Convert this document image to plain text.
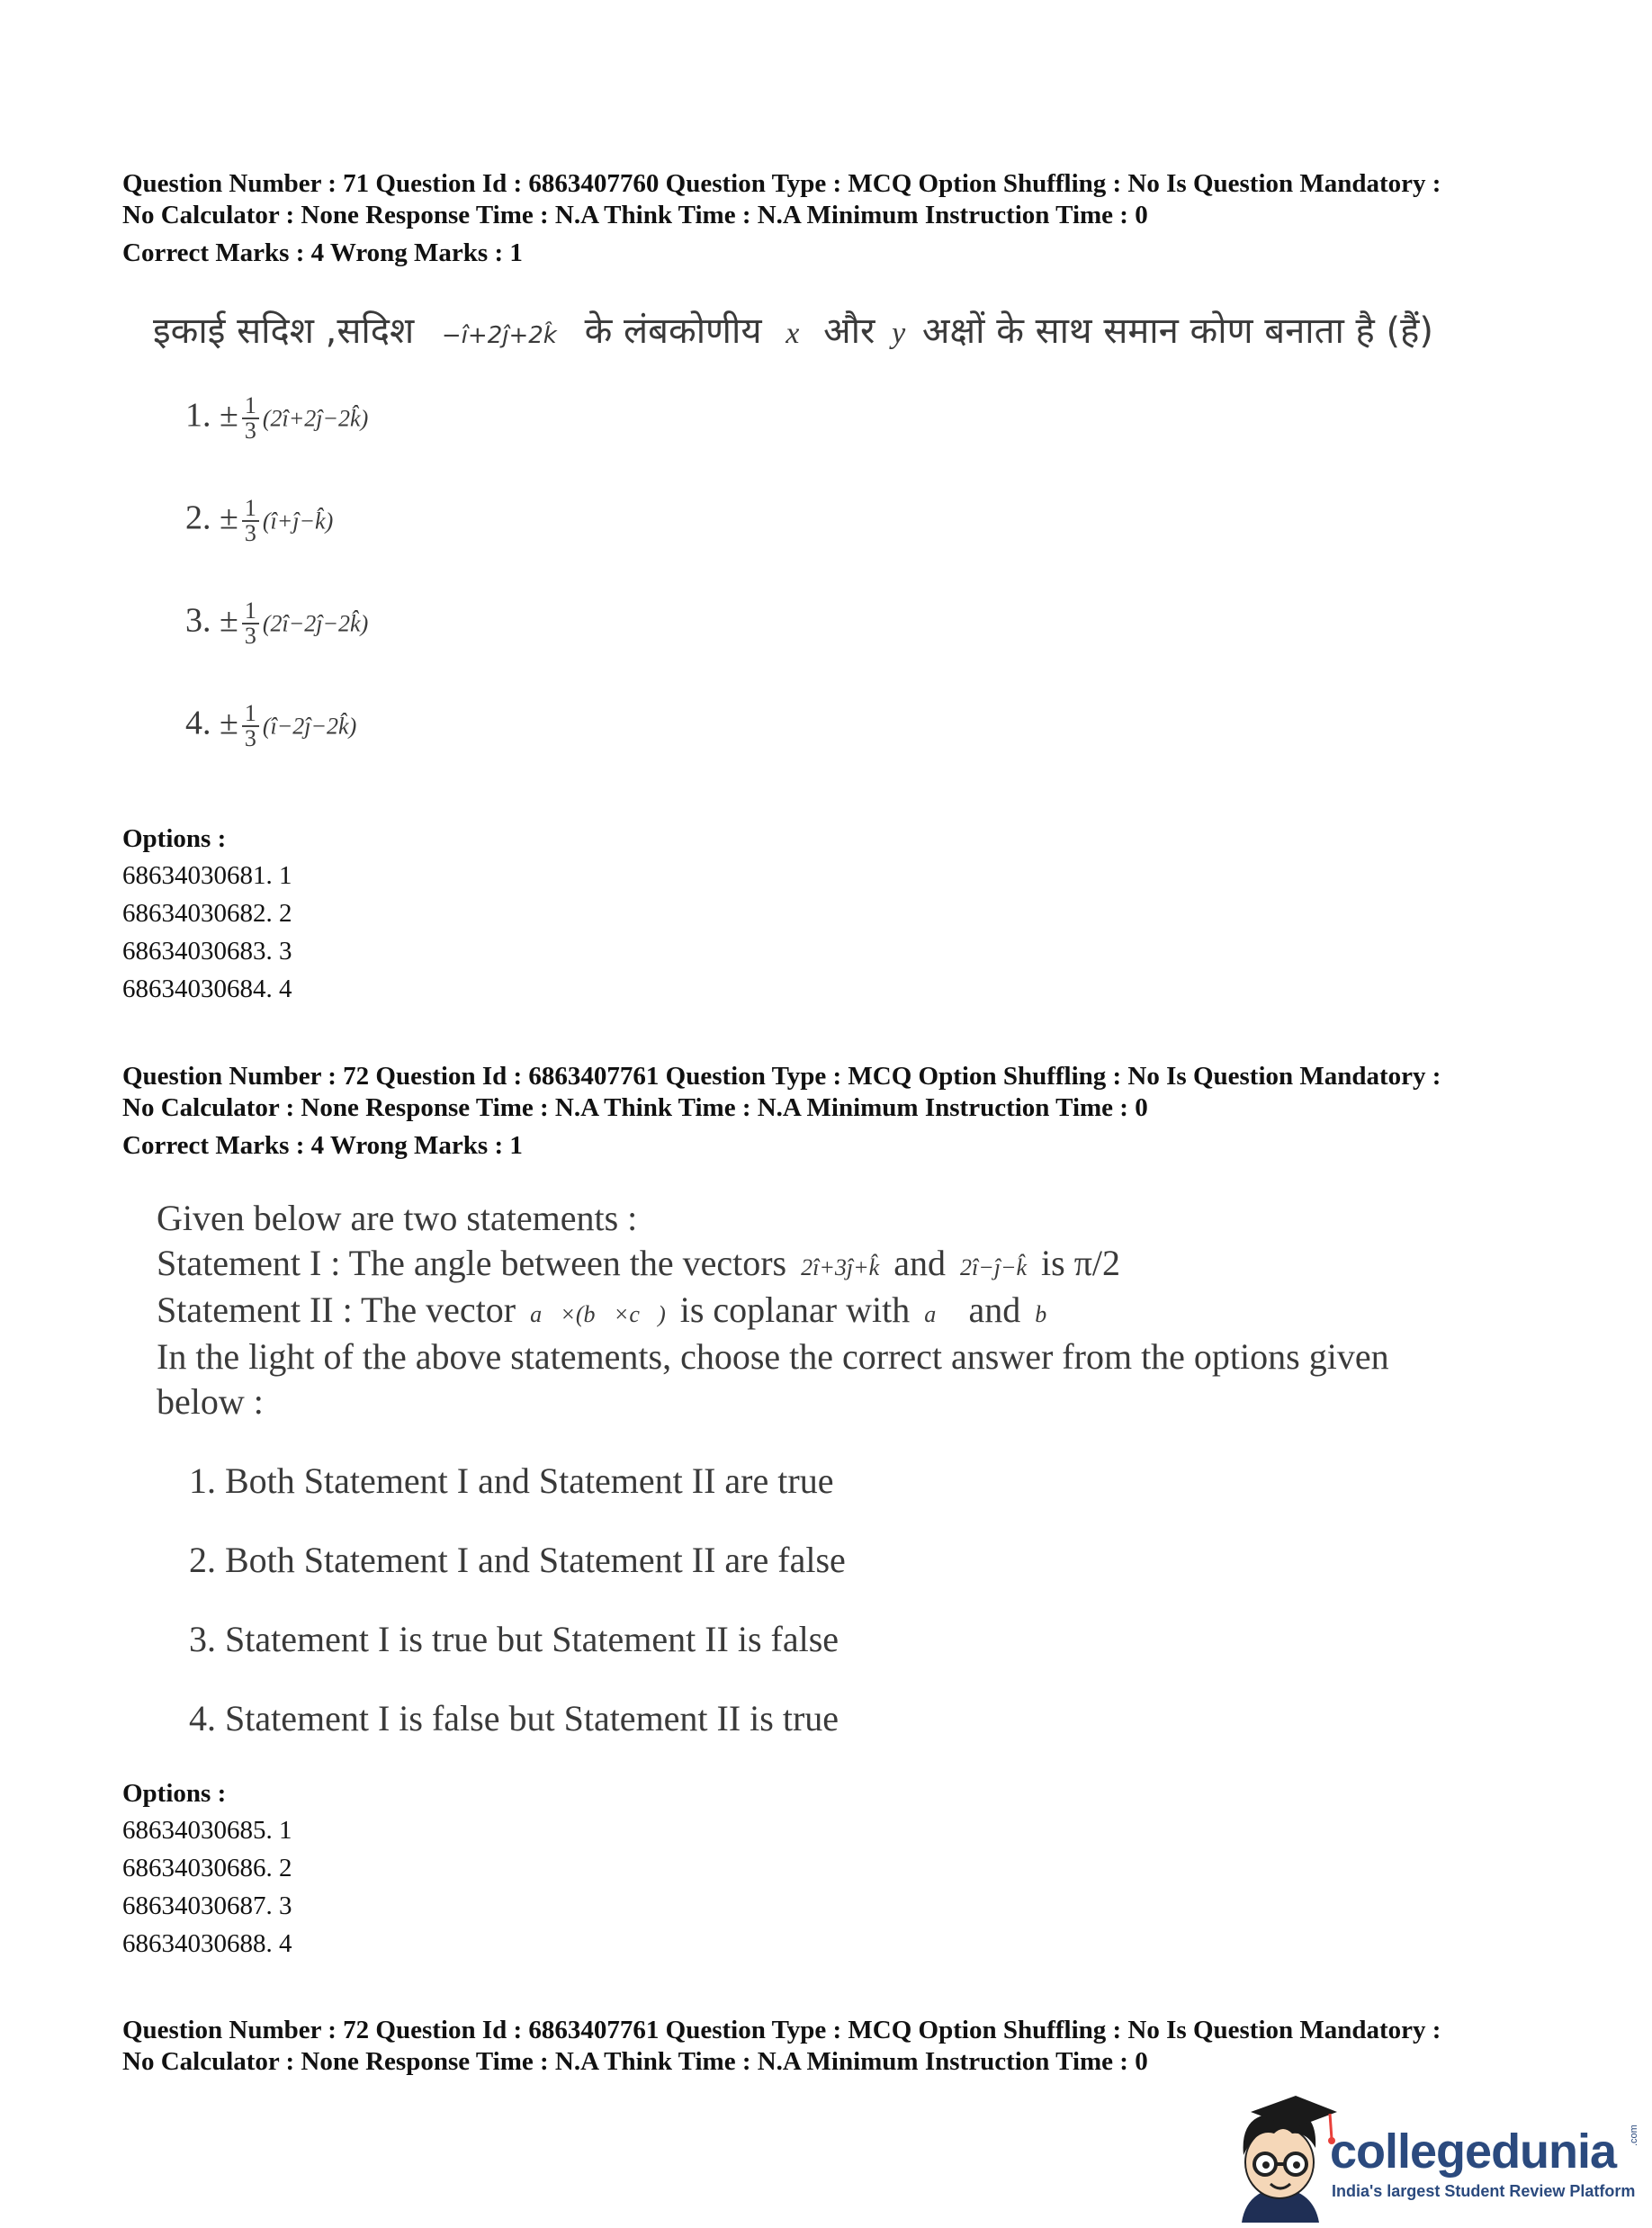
Question Number : 71 Question Id : 6863407760 Question Type : MCQ Option Shuffling : No Is Question Mandatory :
No Calculator : None Response Time : N.A Think Time : N.A Minimum Instruction Time : 0
Correct Marks : 4 Wrong Marks : 1
इकाई सदिश ,सदिश −î+2ĵ+2k̂ के लंबकोणीय x और y अक्षों के साथ समान कोण बनाता है (हैं)
1. ± $\frac{1}{3}$ (2î+2ĵ−2k̂)
2. ± $\frac{1}{3}$ (î+ĵ−k̂)
3. ± $\frac{1}{3}$ (2î−2ĵ−2k̂)
4. ± $\frac{1}{3}$ (î−2ĵ−2k̂)
Options :
68634030681. 1
68634030682. 2
68634030683. 3
68634030684. 4
Question Number : 72 Question Id : 6863407761 Question Type : MCQ Option Shuffling : No Is Question Mandatory :
No Calculator : None Response Time : N.A Think Time : N.A Minimum Instruction Time : 0
Correct Marks : 4 Wrong Marks : 1
Given below are two statements :
Statement I : The angle between the vectors 2î+3ĵ+k̂ and 2î−ĵ−k̂ is π/2
Statement II : The vector a⃗×(b⃗×c⃗) is coplanar with a⃗ and b⃗
In the light of the above statements, choose the correct answer from the options given
below :
1. Both Statement I and Statement II are true
2. Both Statement I and Statement II are false
3. Statement I is true but Statement II is false
4. Statement I is false but Statement II is true
Options :
68634030685. 1
68634030686. 2
68634030687. 3
68634030688. 4
Question Number : 72 Question Id : 6863407761 Question Type : MCQ Option Shuffling : No Is Question Mandatory :
No Calculator : None Response Time : N.A Think Time : N.A Minimum Instruction Time : 0
collegedunia .com
India's largest Student Review Platform
